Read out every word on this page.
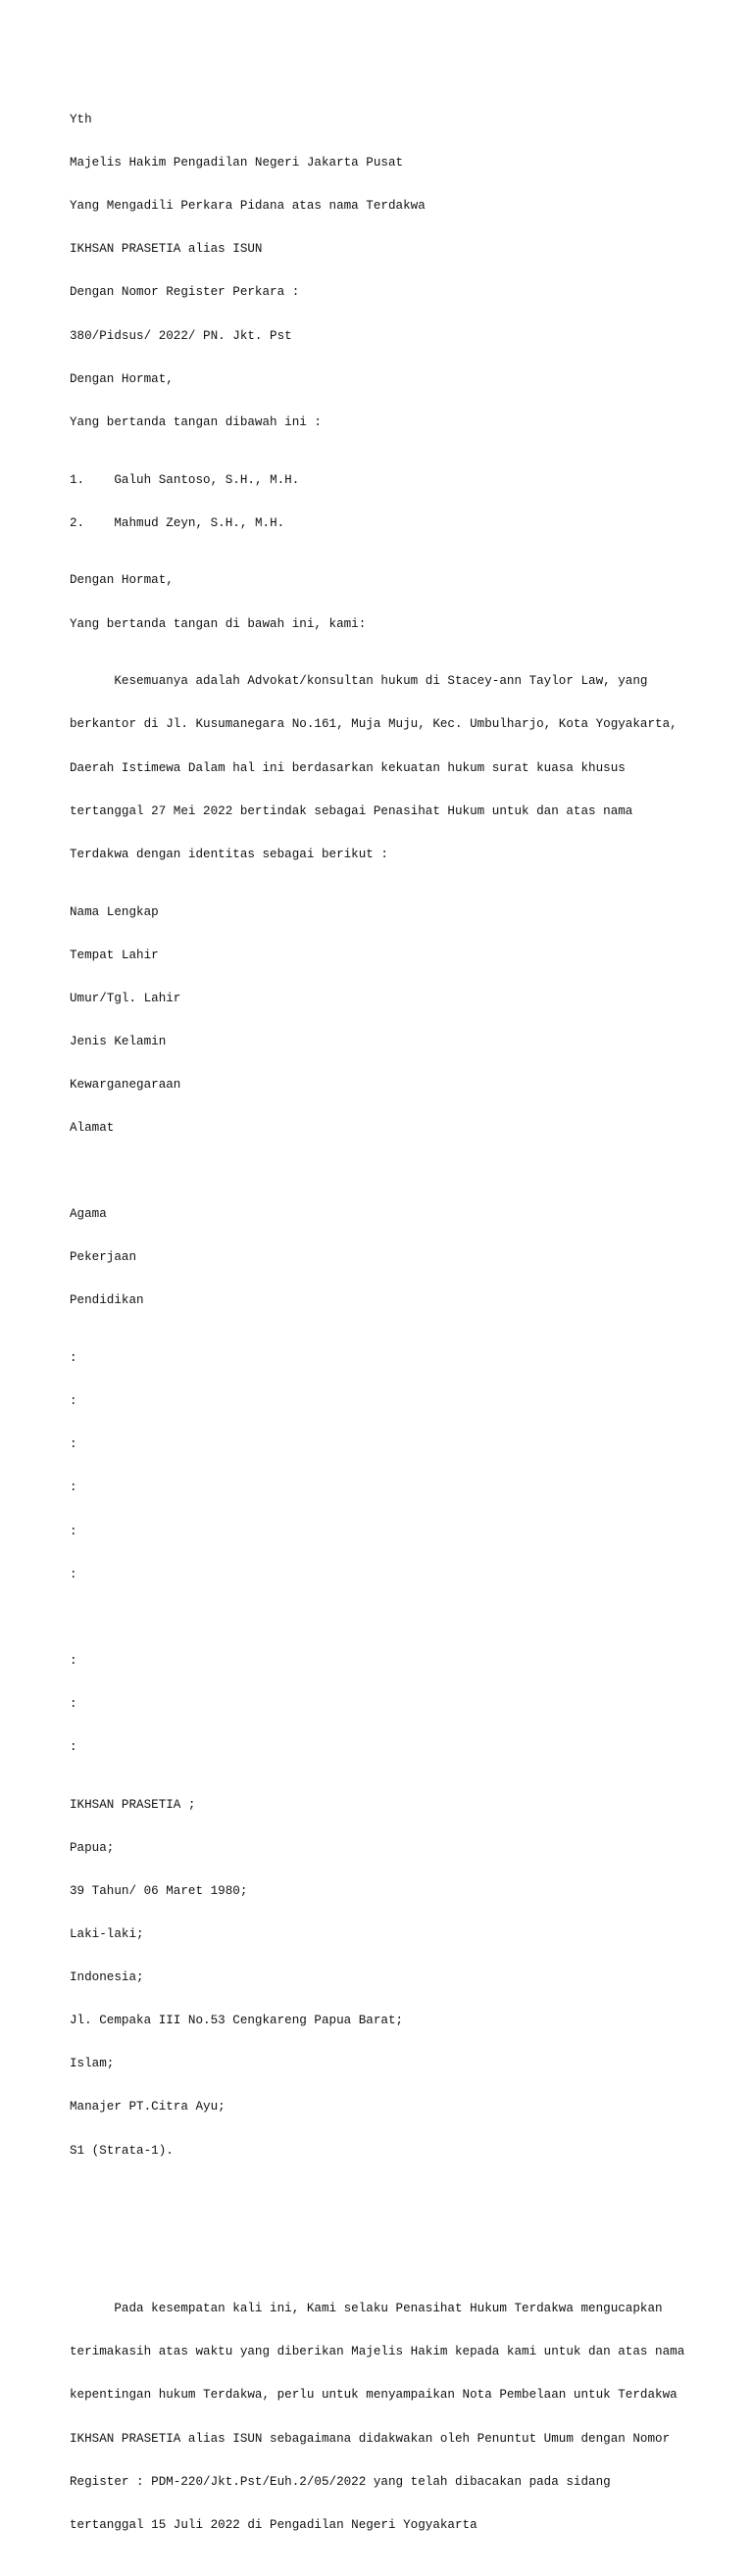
Yth

Majelis Hakim Pengadilan Negeri Jakarta Pusat

Yang Mengadili Perkara Pidana atas nama Terdakwa

IKHSAN PRASETIA alias ISUN

Dengan Nomor Register Perkara :

380/Pidsus/ 2022/ PN. Jkt. Pst

Dengan Hormat,

Yang bertanda tangan dibawah ini :

1. Galuh Santoso, S.H., M.H.

2. Mahmud Zeyn, S.H., M.H.

Dengan Hormat,

Yang bertanda tangan di bawah ini, kami:

Kesemuanya adalah Advokat/konsultan hukum di Stacey-ann Taylor Law, yang

berkantor di Jl. Kusumanegara No.161, Muja Muju, Kec. Umbulharjo, Kota Yogyakarta,

Daerah Istimewa Dalam hal ini berdasarkan kekuatan hukum surat kuasa khusus

tertanggal 27 Mei 2022 bertindak sebagai Penasihat Hukum untuk dan atas nama

Terdakwa dengan identitas sebagai berikut :

Nama Lengkap

Tempat Lahir

Umur/Tgl. Lahir

Jenis Kelamin

Kewarganegaraan

Alamat

Agama

Pekerjaan

Pendidikan

:

:

:

:

:

:

:

:

:

IKHSAN PRASETIA ;

Papua;

39 Tahun/ 06 Maret 1980;

Laki-laki;

Indonesia;

Jl. Cempaka III No.53 Cengkareng Papua Barat;

Islam;

Manajer PT.Citra Ayu;

S1 (Strata-1).

Pada kesempatan kali ini, Kami selaku Penasihat Hukum Terdakwa mengucapkan

terimakasih atas waktu yang diberikan Majelis Hakim kepada kami untuk dan atas nama

kepentingan hukum Terdakwa, perlu untuk menyampaikan Nota Pembelaan untuk Terdakwa

IKHSAN PRASETIA alias ISUN sebagaimana didakwakan oleh Penuntut Umum dengan Nomor

Register : PDM-220/Jkt.Pst/Euh.2/05/2022 yang telah dibacakan pada sidang

tertanggal 15 Juli 2022 di Pengadilan Negeri Yogyakarta
